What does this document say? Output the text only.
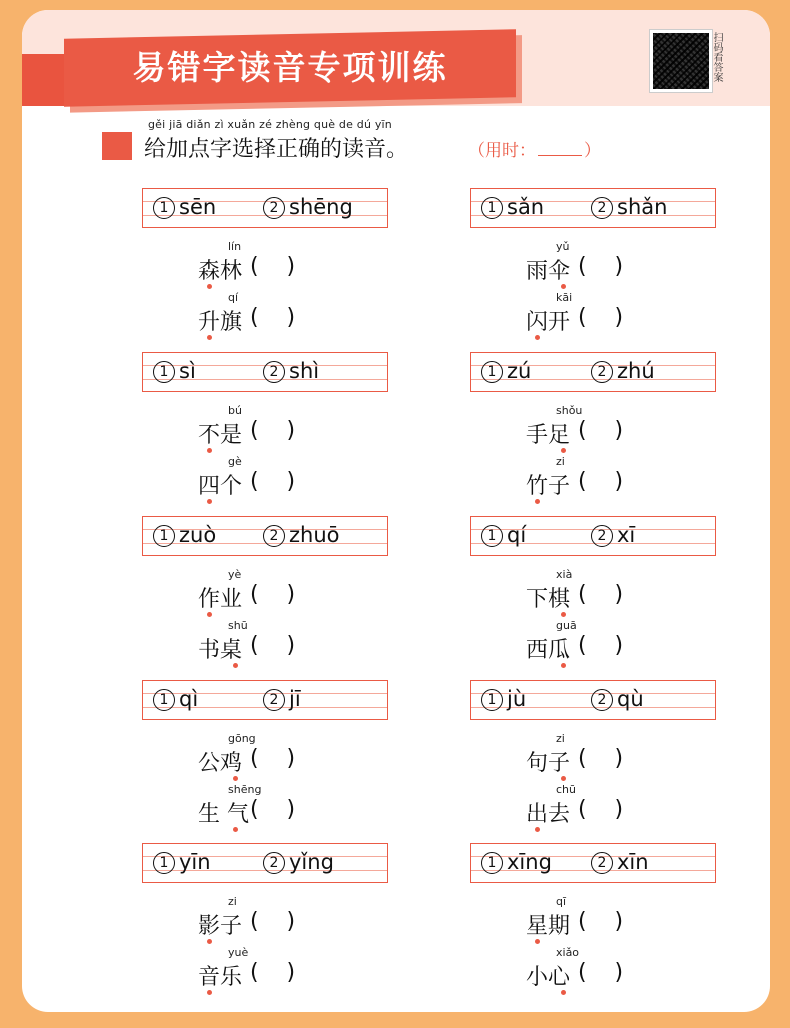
易错字读音专项训练	扫码看答案
gěi jiā diǎn zì xuǎn zé zhèng què de dú yīn
给加点字选择正确的读音。	（用时：	）
1 sēn	2 shēng
lín
森林 (    )
qí
升旗 (    )
1 sǎn	2 shǎn
yǔ
雨伞 (    )
kāi
闪开 (    )
1 sì	2 shì
bú
不是 (    )
gè
四个 (    )
1 zú	2 zhú
shǒu
手足 (    )
zi
竹子 (    )
1 zuò	2 zhuō
yè
作业 (    )
shū
书桌 (    )
1 qí	2 xī
xià
下棋 (    )
guā
西瓜 (    )
1 qì	2 jī
gōng
公鸡 (    )
shēng
生 气 (    )
1 jù	2 qù
zi
句子 (    )
chū
出去 (    )
1 yīn	2 yǐng
zi
影子 (    )
yuè
音乐 (    )
1 xīng	2 xīn
qī
星期 (    )
xiǎo
小心 (    )
